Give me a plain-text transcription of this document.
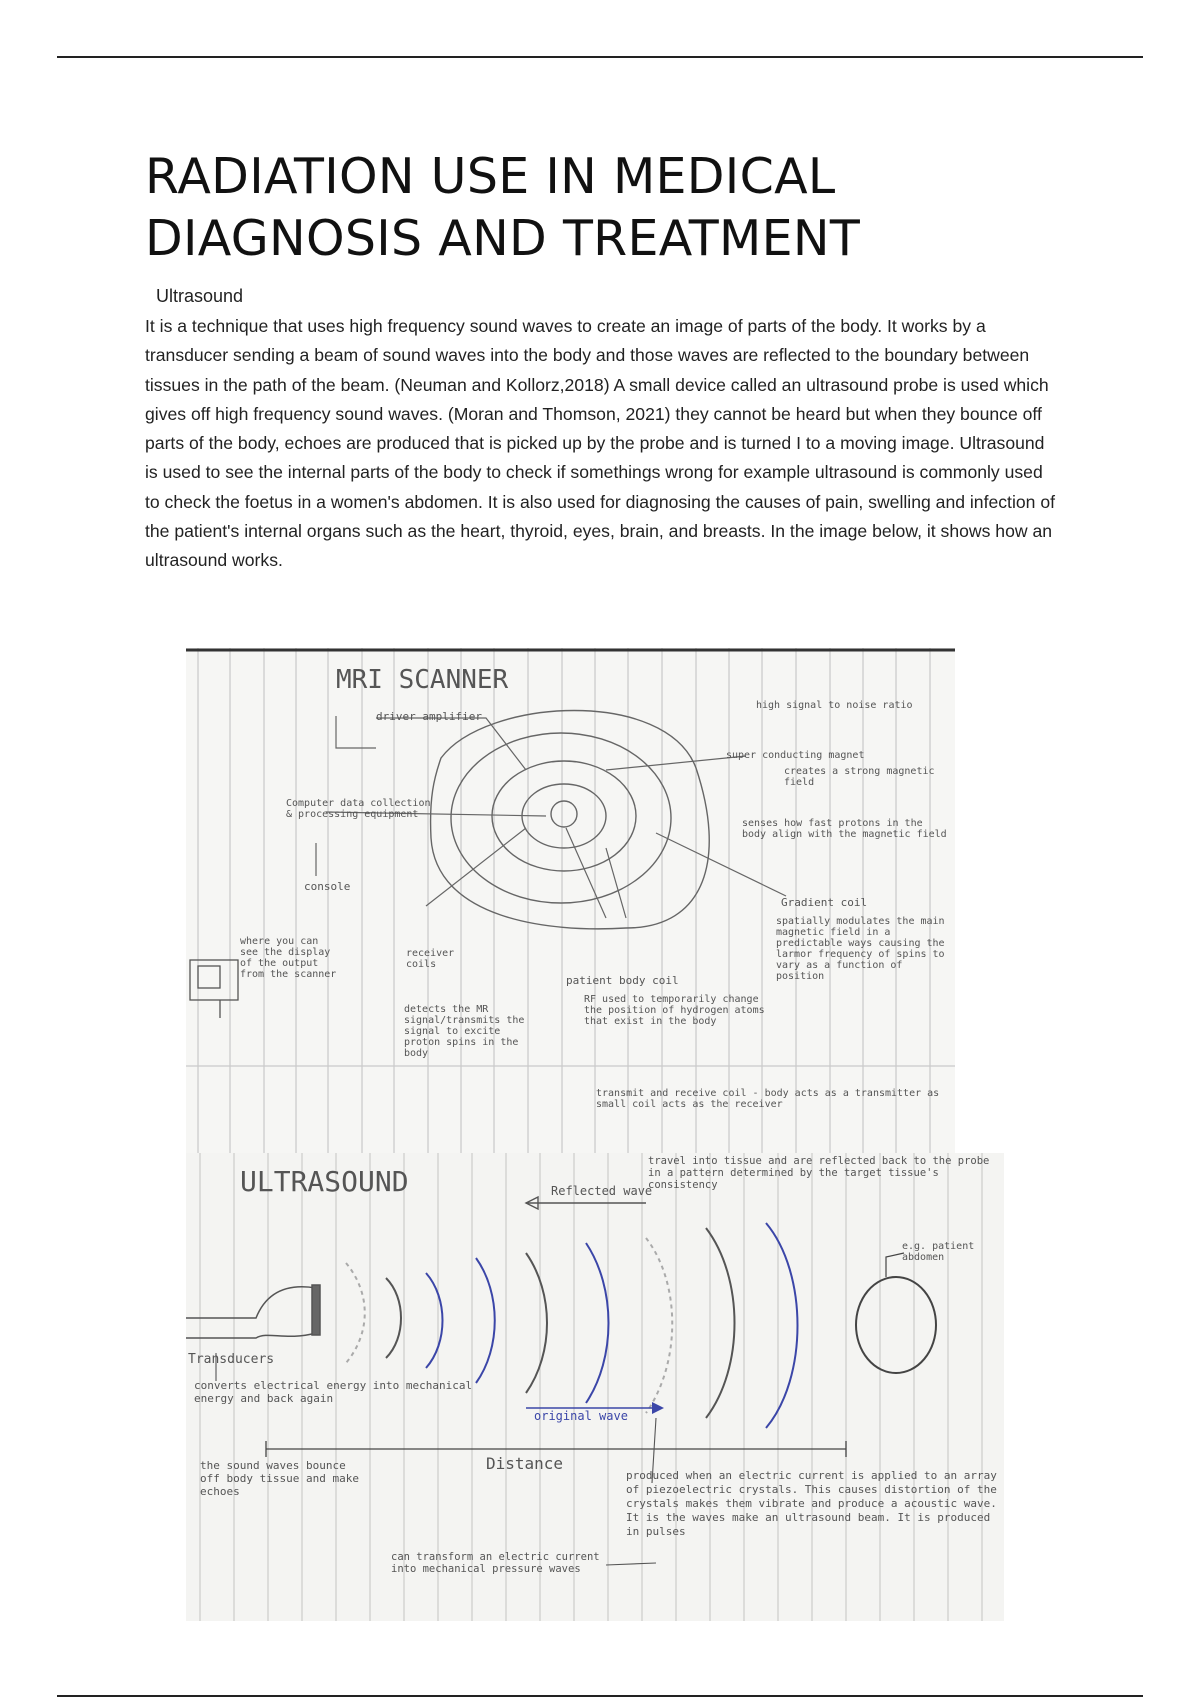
RADIATION USE IN MEDICAL DIAGNOSIS AND TREATMENT
Ultrasound

It is a technique that uses high frequency sound waves to create an image of parts of the body. It works by a transducer sending a beam of sound waves into the body and those waves are reflected to the boundary between tissues in the path of the beam. (Neuman and Kollorz,2018) A small device called an ultrasound probe is used which gives off high frequency sound waves. (Moran and Thomson, 2021) they cannot be heard but when they bounce off parts of the body, echoes are produced that is picked up by the probe and is turned I to a moving image. Ultrasound is used to see the internal parts of the body to check if somethings wrong for example ultrasound is commonly used to check the foetus in a women's abdomen. It is also used for diagnosing the causes of pain, swelling and infection of the patient's internal organs such as the heart, thyroid, eyes, brain, and breasts. In the image below, it shows how an ultrasound works.

MRI SCANNER
driver amplifier
high signal to noise ratio
super conducting magnet
creates a strong magnetic field
senses how fast protons in the body align with the magnetic field
Computer data collection & processing equipment
console
where you can see the display of the output from the scanner
Gradient coil
spatially modulates the main magnetic field in a predictable ways causing the larmor frequency of spins to vary as a function of position
receiver coils
detects the MR signal/transmits the signal to excite proton spins in the body
patient body coil
RF used to temporarily change the position of hydrogen atoms that exist in the body
transmit and receive coil - body acts as a transmitter as small coil acts as the receiver
ULTRASOUND	Reflected wave
travel into tissue and are reflected back to the probe in a pattern determined by the target tissue's consistency
e.g. patient abdomen
Transducers
converts electrical energy into mechanical energy and back again
original wave
the sound waves bounce off body tissue and make echoes
Distance
produced when an electric current is applied to an array of piezoelectric crystals. This causes distortion of the crystals makes them vibrate and produce a acoustic wave. It is the waves make an ultrasound beam. It is produced in pulses
can transform an electric current into mechanical pressure waves
